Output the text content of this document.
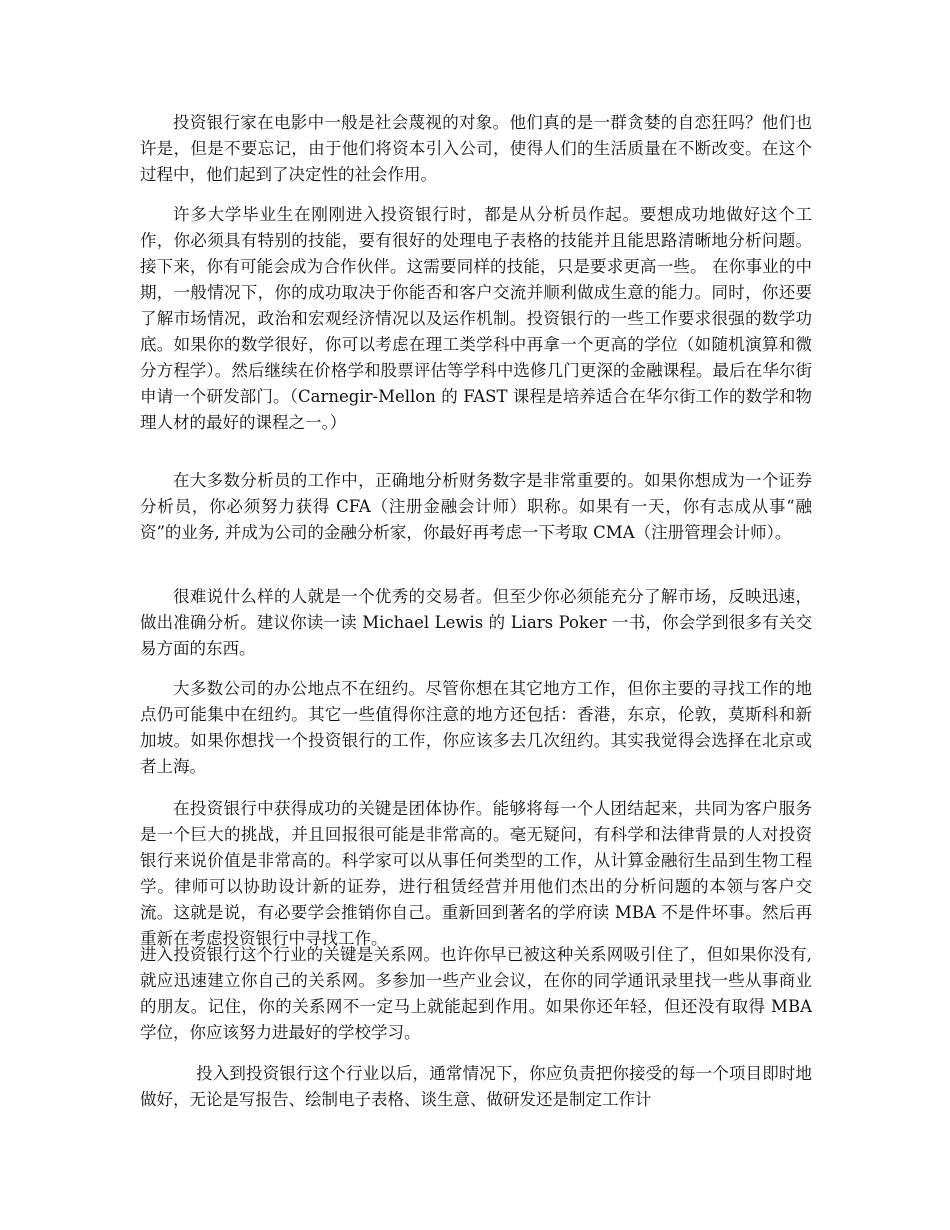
投资银行家在电影中一般是社会蔑视的对象。他们真的是一群贪婪的自恋狂吗？他们也许是，但是不要忘记，由于他们将资本引入公司，使得人们的生活质量在不断改变。在这个过程中，他们起到了决定性的社会作用。

许多大学毕业生在刚刚进入投资银行时，都是从分析员作起。要想成功地做好这个工作，你必须具有特别的技能，要有很好的处理电子表格的技能并且能思路清晰地分析问题。接下来，你有可能会成为合作伙伴。这需要同样的技能，只是要求更高一些。 在你事业的中期，一般情况下，你的成功取决于你能否和客户交流并顺利做成生意的能力。同时，你还要了解市场情况，政治和宏观经济情况以及运作机制。投资银行的一些工作要求很强的数学功底。如果你的数学很好，你可以考虑在理工类学科中再拿一个更高的学位（如随机演算和微分方程学）。然后继续在价格学和股票评估等学科中选修几门更深的金融课程。最后在华尔街申请一个研发部门。（Carnegir-Mellon 的 FAST 课程是培养适合在华尔街工作的数学和物理人材的最好的课程之一。）

在大多数分析员的工作中，正确地分析财务数字是非常重要的。如果你想成为一个证券分析员，你必须努力获得 CFA（注册金融会计师）职称。如果有一天，你有志成从事“融资”的业务, 并成为公司的金融分析家，你最好再考虑一下考取 CMA（注册管理会计师）。

很难说什么样的人就是一个优秀的交易者。但至少你必须能充分了解市场，反映迅速，做出准确分析。建议你读一读 Michael Lewis 的 Liars Poker 一书，你会学到很多有关交易方面的东西。

大多数公司的办公地点不在纽约。尽管你想在其它地方工作，但你主要的寻找工作的地点仍可能集中在纽约。其它一些值得你注意的地方还包括：香港，东京，伦敦，莫斯科和新加坡。如果你想找一个投资银行的工作，你应该多去几次纽约。其实我觉得会选择在北京或者上海。

在投资银行中获得成功的关键是团体协作。能够将每一个人团结起来，共同为客户服务是一个巨大的挑战，并且回报很可能是非常高的。毫无疑问，有科学和法律背景的人对投资银行来说价值是非常高的。科学家可以从事任何类型的工作，从计算金融衍生品到生物工程学。律师可以协助设计新的证券，进行租赁经营并用他们杰出的分析问题的本领与客户交流。这就是说，有必要学会推销你自己。重新回到著名的学府读 MBA 不是件坏事。然后再重新在考虑投资银行中寻找工作。

进入投资银行这个行业的关键是关系网。也许你早已被这种关系网吸引住了，但如果你没有,就应迅速建立你自己的关系网。多参加一些产业会议，在你的同学通讯录里找一些从事商业的朋友。记住，你的关系网不一定马上就能起到作用。如果你还年轻，但还没有取得 MBA 学位，你应该努力进最好的学校学习。

投入到投资银行这个行业以后，通常情况下，你应负责把你接受的每一个项目即时地做好，无论是写报告、绘制电子表格、谈生意、做研发还是制定工作计
